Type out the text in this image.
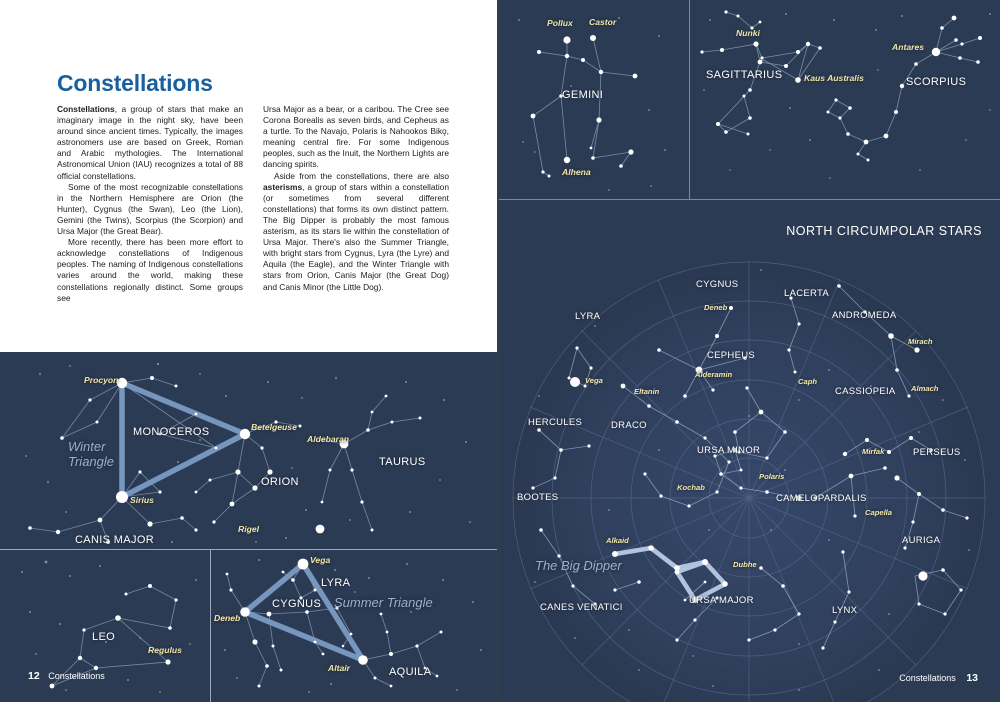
Constellations

Constellations, a group of stars that make an imaginary image in the night sky, have been around since ancient times. Typically, the images astronomers use are based on Greek, Roman and Arabic mythologies. The International Astronomical Union (IAU) recognizes a total of 88 official constellations.

Some of the most recognizable constellations in the Northern Hemisphere are Orion (the Hunter), Cygnus (the Swan), Leo (the Lion), Gemini (the Twins), Scorpius (the Scorpion) and Ursa Major (the Great Bear).

More recently, there has been more effort to acknowledge constellations of Indigenous peoples. The naming of Indigenous constellations varies around the world, making these constellations regionally distinct. Some groups see

Ursa Major as a bear, or a caribou. The Cree see Corona Borealis as seven birds, and Cepheus as a turtle. To the Navajo, Polaris is Nahookos Bikǫ, meaning central fire. For some Indigenous peoples, such as the Inuit, the Northern Lights are dancing spirits.

Aside from the constellations, there are also asterisms, a group of stars within a constellation (or sometimes from several different constellations) that forms its own distinct pattern. The Big Dipper is probably the most famous asterism, as its stars lie within the constellation of Ursa Major. There's also the Summer Triangle, with bright stars from Cygnus, Lyra (the Lyre) and Aquila (the Eagle), and the Winter Triangle with stars from Orion, Canis Major (the Great Dog) and Canis Minor (the Little Dog).

Procyon
Betelgeuse
Sirius
Rigel
Aldebaran
MONOCEROS
CANIS MAJOR
ORION
TAURUS
Winter
Triangle
LEO
Regulus
12 Constellations
Vega
Deneb
Altair
LYRA
CYGNUS
AQUILA
Summer Triangle
Pollux Castor
Alhena
GEMINI
Nunki
Kaus Australis
Antares
SAGITTARIUS
SCORPIUS
NORTH CIRCUMPOLAR STARS
CYGNUS
LACERTA
ANDROMEDA
LYRA
CEPHEUS
CASSIOPEIA
HERCULES	DRACO
URSA MINOR	PERSEUS
BOOTES	CAMELOPARDALIS
AURIGA
CANES VENATICI
URSA MAJOR
LYNX
Deneb
Vega
Mirach
Almach
Alderamin
Caph
Eltanin
Polaris
Kochab
Mirfak
Capella
Alkaid
Dubhe
The Big Dipper
Constellations 13
